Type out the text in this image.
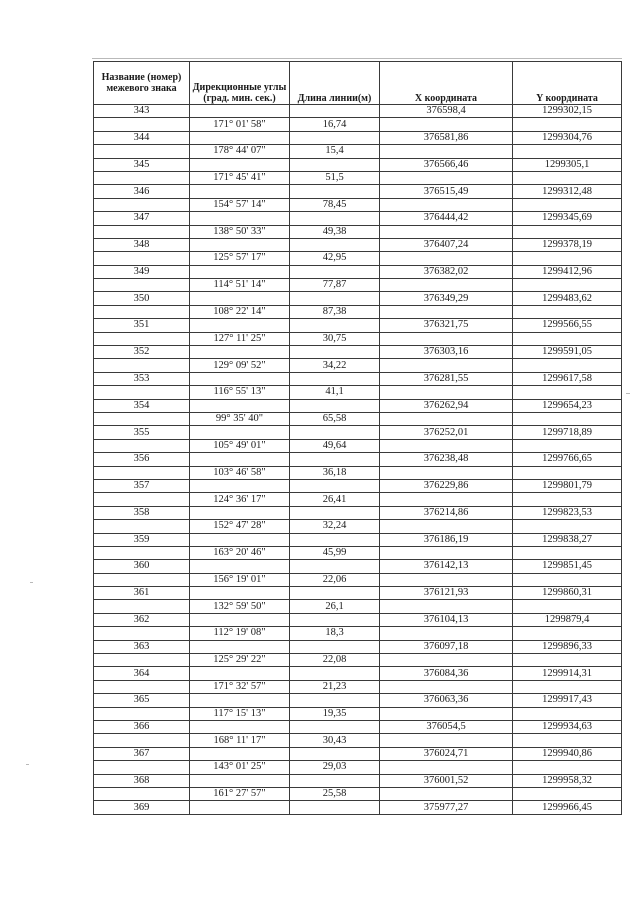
Название (номер) межевого знака	Дирекционные углы (град. мин. сек.)	Длина линии(м)	X координата	Y координата
343			376598,4	1299302,15
	171° 01' 58"	16,74		
344			376581,86	1299304,76
	178° 44' 07"	15,4		
345			376566,46	1299305,1
	171° 45' 41"	51,5		
346			376515,49	1299312,48
	154° 57' 14"	78,45		
347			376444,42	1299345,69
	138° 50' 33"	49,38		
348			376407,24	1299378,19
	125° 57' 17"	42,95		
349			376382,02	1299412,96
	114° 51' 14"	77,87		
350			376349,29	1299483,62
	108° 22' 14"	87,38		
351			376321,75	1299566,55
	127° 11' 25"	30,75		
352			376303,16	1299591,05
	129° 09' 52"	34,22		
353			376281,55	1299617,58
	116° 55' 13"	41,1		
354			376262,94	1299654,23
	99° 35' 40"	65,58		
355			376252,01	1299718,89
	105° 49' 01"	49,64		
356			376238,48	1299766,65
	103° 46' 58"	36,18		
357			376229,86	1299801,79
	124° 36' 17"	26,41		
358			376214,86	1299823,53
	152° 47' 28"	32,24		
359			376186,19	1299838,27
	163° 20' 46"	45,99		
360			376142,13	1299851,45
	156° 19' 01"	22,06		
361			376121,93	1299860,31
	132° 59' 50"	26,1		
362			376104,13	1299879,4
	112° 19' 08"	18,3		
363			376097,18	1299896,33
	125° 29' 22"	22,08		
364			376084,36	1299914,31
	171° 32' 57"	21,23		
365			376063,36	1299917,43
	117° 15' 13"	19,35		
366			376054,5	1299934,63
	168° 11' 17"	30,43		
367			376024,71	1299940,86
	143° 01' 25"	29,03		
368			376001,52	1299958,32
	161° 27' 57"	25,58		
369			375977,27	1299966,45
